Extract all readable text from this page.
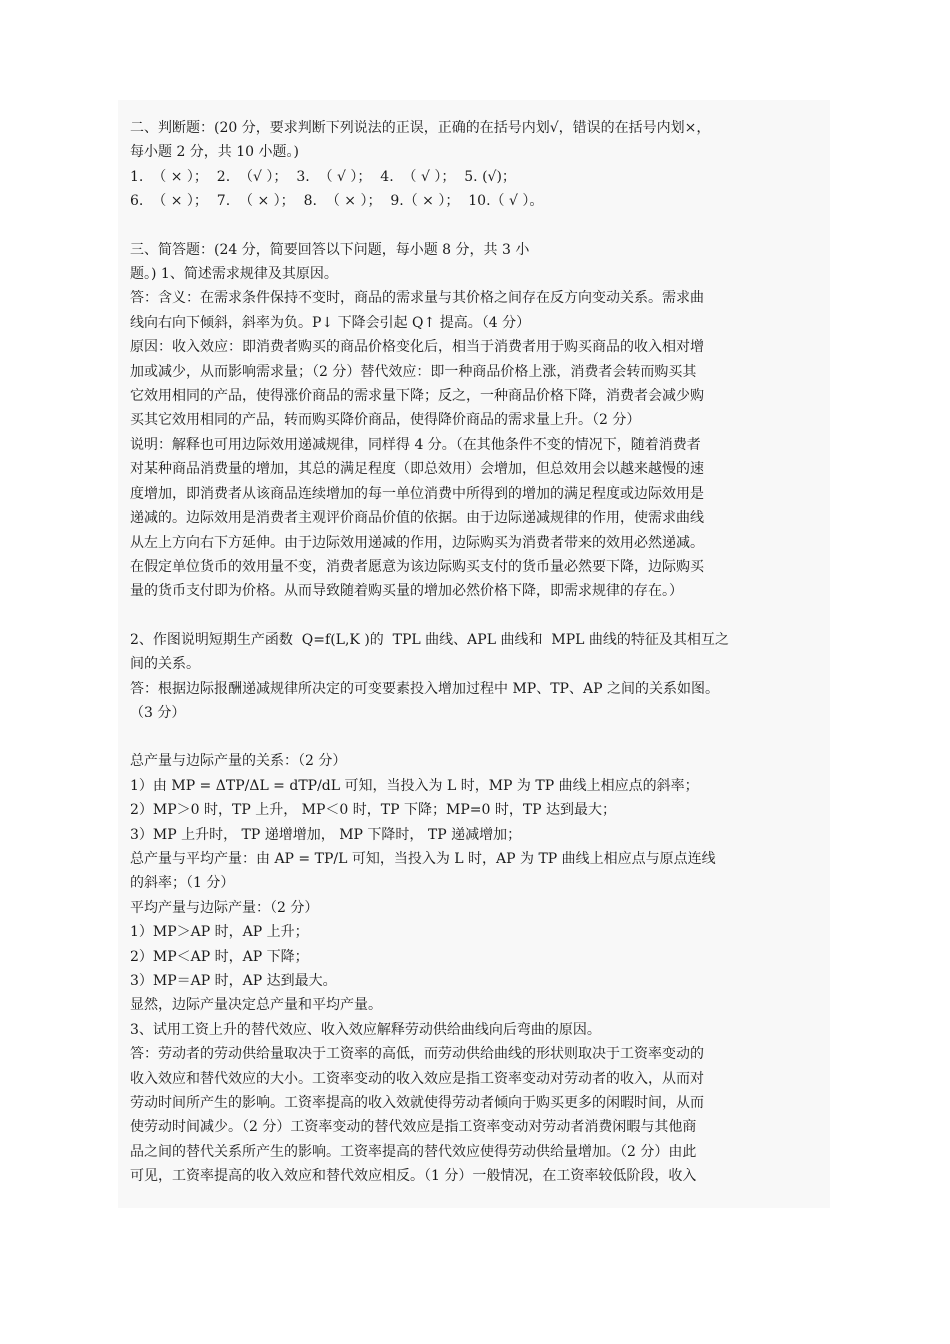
二、判断题：(20 分，要求判断下列说法的正误，正确的在括号内划√，错误的在括号内划×，

每小题 2 分，共 10 小题。)

1.  （ × ）；  2.  （√ ）；  3.  （ √ ）；  4.  （ √ ）；  5. (√)；

6.  （ × ）；  7.  （ × ）；  8.  （ × ）；  9.（ × ）；  10.（ √ ）。

三、简答题：(24 分，简要回答以下问题，每小题 8 分，共 3 小

题。) 1、简述需求规律及其原因。

答：含义：在需求条件保持不变时，商品的需求量与其价格之间存在反方向变动关系。需求曲

线向右向下倾斜，斜率为负。P↓ 下降会引起 Q↑ 提高。（4 分）

原因：收入效应：即消费者购买的商品价格变化后，相当于消费者用于购买商品的收入相对增

加或减少，从而影响需求量；（2 分）替代效应：即一种商品价格上涨，消费者会转而购买其

它效用相同的产品，使得涨价商品的需求量下降；反之，一种商品价格下降，消费者会减少购

买其它效用相同的产品，转而购买降价商品，使得降价商品的需求量上升。（2 分）

说明：解释也可用边际效用递减规律，同样得 4 分。（在其他条件不变的情况下，随着消费者

对某种商品消费量的增加，其总的满足程度（即总效用）会增加，但总效用会以越来越慢的速

度增加，即消费者从该商品连续增加的每一单位消费中所得到的增加的满足程度或边际效用是

递减的。边际效用是消费者主观评价商品价值的依据。由于边际递减规律的作用，使需求曲线

从左上方向右下方延伸。由于边际效用递减的作用，边际购买为消费者带来的效用必然递减。

在假定单位货币的效用量不变，消费者愿意为该边际购买支付的货币量必然要下降，边际购买

量的货币支付即为价格。从而导致随着购买量的增加必然价格下降，即需求规律的存在。）

2、作图说明短期生产函数  Q=f(L,K )的  TPL 曲线、APL 曲线和  MPL 曲线的特征及其相互之

间的关系。

答：根据边际报酬递减规律所决定的可变要素投入增加过程中 MP、TP、AP 之间的关系如图。

（3 分）

总产量与边际产量的关系：（2 分）

1）由 MP = ΔTP/ΔL = dTP/dL 可知，当投入为 L 时，MP 为 TP 曲线上相应点的斜率；

2）MP＞0 时，TP 上升， MP＜0 时，TP 下降；MP=0 时，TP 达到最大；

3）MP 上升时， TP 递增增加， MP 下降时， TP 递减增加；

总产量与平均产量：由 AP = TP/L 可知，当投入为 L 时，AP 为 TP 曲线上相应点与原点连线

的斜率；（1 分）

平均产量与边际产量：（2 分）

1）MP＞AP 时，AP 上升；

2）MP＜AP 时，AP 下降；

3）MP＝AP 时，AP 达到最大。

显然，边际产量决定总产量和平均产量。

3、试用工资上升的替代效应、收入效应解释劳动供给曲线向后弯曲的原因。

答：劳动者的劳动供给量取决于工资率的高低，而劳动供给曲线的形状则取决于工资率变动的

收入效应和替代效应的大小。工资率变动的收入效应是指工资率变动对劳动者的收入，从而对

劳动时间所产生的影响。工资率提高的收入效就使得劳动者倾向于购买更多的闲暇时间，从而

使劳动时间减少。（2 分）工资率变动的替代效应是指工资率变动对劳动者消费闲暇与其他商

品之间的替代关系所产生的影响。工资率提高的替代效应使得劳动供给量增加。（2 分）由此

可见，工资率提高的收入效应和替代效应相反。（1 分）一般情况，在工资率较低阶段，收入
